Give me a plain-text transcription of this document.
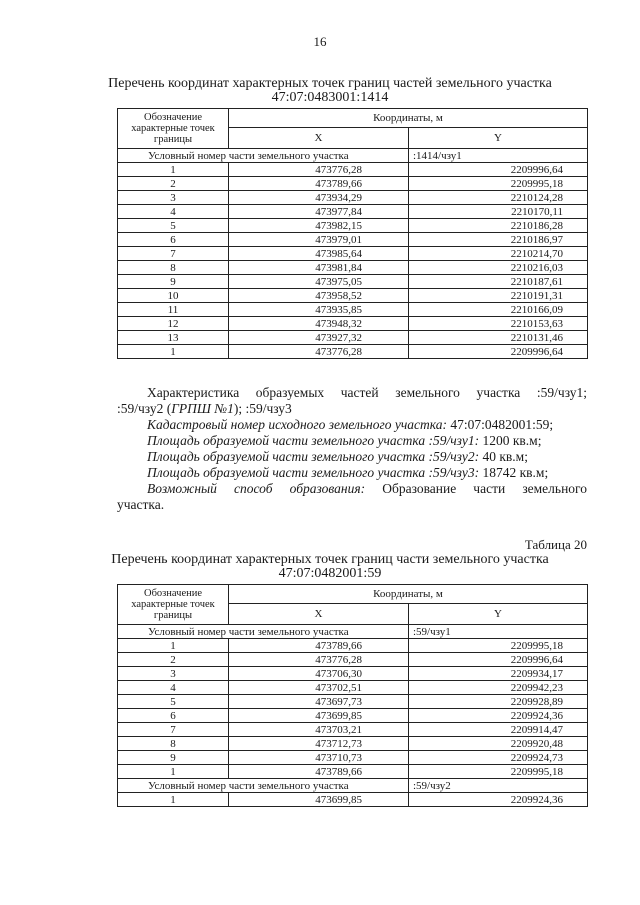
16
Перечень координат характерных точек границ частей земельного участка
47:07:0483001:1414
Обозначение характерные точек границы	Координаты, м	
	X	Y
Условный номер части земельного участка		:1414/чзу1
1	473776,28	2209996,64
2	473789,66	2209995,18
3	473934,29	2210124,28
4	473977,84	2210170,11
5	473982,15	2210186,28
6	473979,01	2210186,97
7	473985,64	2210214,70
8	473981,84	2210216,03
9	473975,05	2210187,61
10	473958,52	2210191,31
11	473935,85	2210166,09
12	473948,32	2210153,63
13	473927,32	2210131,46
1	473776,28	2209996,64
Характеристика образуемых частей земельного участка :59/чзу1;
:59/чзу2 (ГРПШ №1); :59/чзу3
Кадастровый номер исходного земельного участка: 47:07:0482001:59;
Площадь образуемой части земельного участка :59/чзу1: 1200 кв.м;
Площадь образуемой части земельного участка :59/чзу2: 40 кв.м;
Площадь образуемой части земельного участка :59/чзу3: 18742 кв.м;
Возможный способ образования: Образование части земельного
участка.
Таблица 20
Перечень координат характерных точек границ части земельного участка
47:07:0482001:59
Обозначение характерные точек границы	Координаты, м	
	X	Y
Условный номер части земельного участка		:59/чзу1
1	473789,66	2209995,18
2	473776,28	2209996,64
3	473706,30	2209934,17
4	473702,51	2209942,23
5	473697,73	2209928,89
6	473699,85	2209924,36
7	473703,21	2209914,47
8	473712,73	2209920,48
9	473710,73	2209924,73
1	473789,66	2209995,18
Условный номер части земельного участка		:59/чзу2
1	473699,85	2209924,36
